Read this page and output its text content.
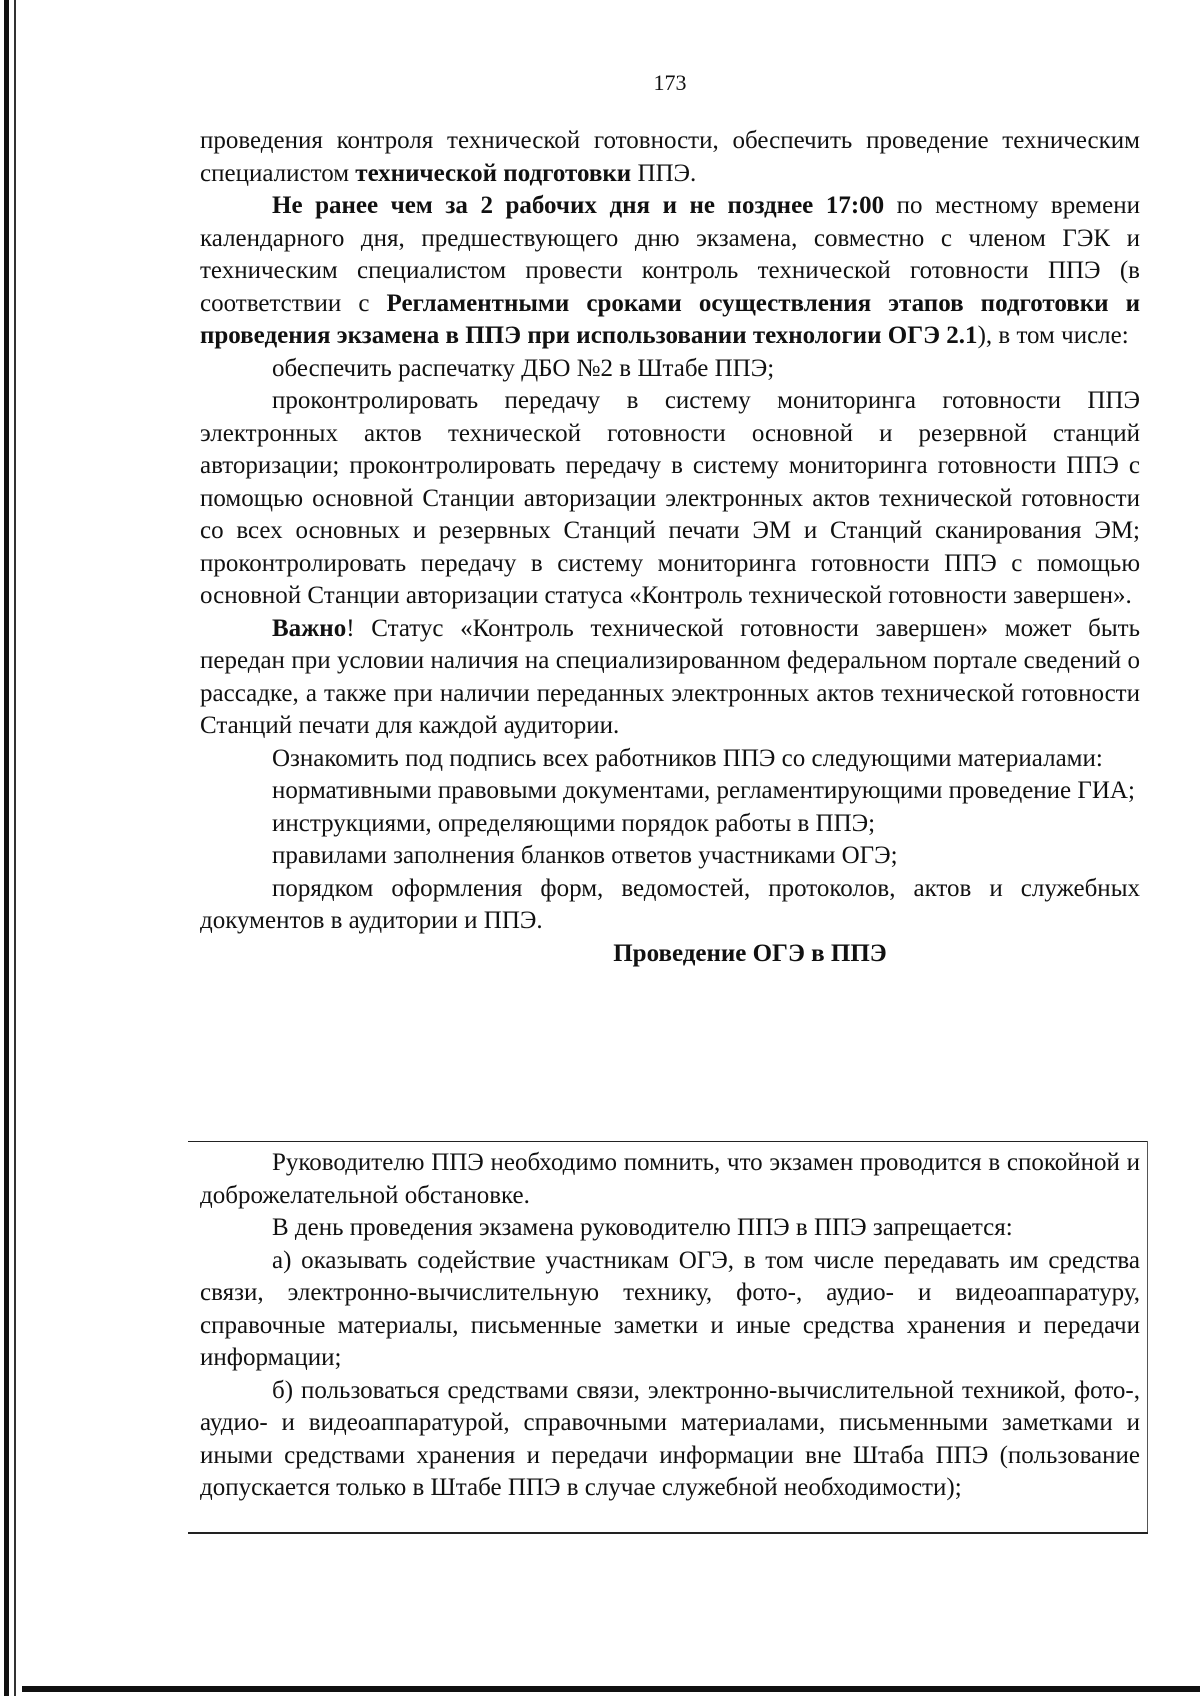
173

проведения контроля технической готовности, обеспечить проведение техническим специалистом технической подготовки ППЭ.

Не ранее чем за 2 рабочих дня и не позднее 17:00 по местному времени календарного дня, предшествующего дню экзамена, совместно с членом ГЭК и техническим специалистом провести контроль технической готовности ППЭ (в соответствии с Регламентными сроками осуществления этапов подготовки и проведения экзамена в ППЭ при использовании технологии ОГЭ 2.1), в том числе:

обеспечить распечатку ДБО №2 в Штабе ППЭ;

проконтролировать передачу в систему мониторинга готовности ППЭ электронных актов технической готовности основной и резервной станций авторизации; проконтролировать передачу в систему мониторинга готовности ППЭ с помощью основной Станции авторизации электронных актов технической готовности со всех основных и резервных Станций печати ЭМ и Станций сканирования ЭМ; проконтролировать передачу в систему мониторинга готовности ППЭ с помощью основной Станции авторизации статуса «Контроль технической готовности завершен».

Важно! Статус «Контроль технической готовности завершен» может быть передан при условии наличия на специализированном федеральном портале сведений о рассадке, а также при наличии переданных электронных актов технической готовности Станций печати для каждой аудитории.

Ознакомить под подпись всех работников ППЭ со следующими материалами:

нормативными правовыми документами, регламентирующими проведение ГИА;

инструкциями, определяющими порядок работы в ППЭ;

правилами заполнения бланков ответов участниками ОГЭ;

порядком оформления форм, ведомостей, протоколов, актов и служебных документов в аудитории и ППЭ.

Проведение ОГЭ в ППЭ

Руководителю ППЭ необходимо помнить, что экзамен проводится в спокойной и доброжелательной обстановке.

В день проведения экзамена руководителю ППЭ в ППЭ запрещается:

а) оказывать содействие участникам ОГЭ, в том числе передавать им средства связи, электронно-вычислительную технику, фото-, аудио- и видеоаппаратуру, справочные материалы, письменные заметки и иные средства хранения и передачи информации;

б) пользоваться средствами связи, электронно-вычислительной техникой, фото-, аудио- и видеоаппаратурой, справочными материалами, письменными заметками и иными средствами хранения и передачи информации вне Штаба ППЭ (пользование допускается только в Штабе ППЭ в случае служебной необходимости);
